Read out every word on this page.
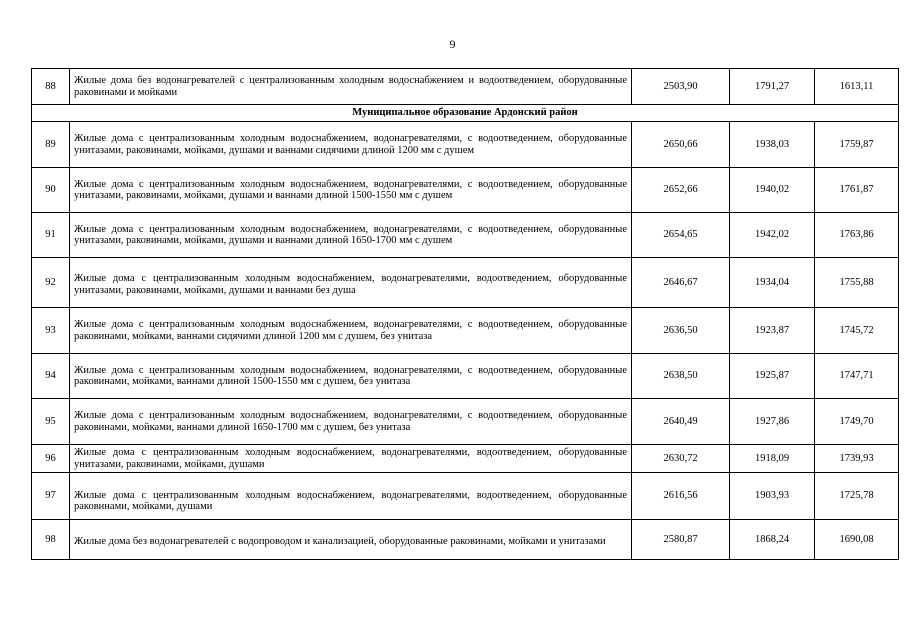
9
88	Жилые дома без водонагревателей с централизованным холодным водоснабжением и водоотведением, оборудованные раковинами и мойками	2503,90	1791,27	1613,11
Муниципальное образование Ардонский район				
89	Жилые дома с централизованным холодным водоснабжением, водонагревателями, с водоотведением, оборудованные унитазами, раковинами, мойками, душами и ваннами сидячими длиной 1200 мм с душем	2650,66	1938,03	1759,87
90	Жилые дома с централизованным холодным водоснабжением, водонагревателями, с водоотведением, оборудованные унитазами, раковинами, мойками, душами и ваннами длиной 1500-1550 мм с душем	2652,66	1940,02	1761,87
91	Жилые дома с централизованным холодным водоснабжением, водонагревателями, с водоотведением, оборудованные унитазами, раковинами, мойками, душами и ваннами длиной 1650-1700 мм с душем	2654,65	1942,02	1763,86
92	Жилые дома с централизованным холодным водоснабжением, водонагревателями, водоотведением, оборудованные унитазами, раковинами, мойками, душами и ваннами без душа	2646,67	1934,04	1755,88
93	Жилые дома с централизованным холодным водоснабжением, водонагревателями, с водоотведением, оборудованные раковинами, мойками, ваннами сидячими длиной 1200 мм с душем, без унитаза	2636,50	1923,87	1745,72
94	Жилые дома с централизованным холодным водоснабжением, водонагревателями, с водоотведением, оборудованные раковинами, мойками, ваннами длиной 1500-1550 мм с душем, без унитаза	2638,50	1925,87	1747,71
95	Жилые дома с централизованным холодным водоснабжением, водонагревателями, с водоотведением, оборудованные раковинами, мойками, ваннами длиной 1650-1700 мм с душем, без унитаза	2640,49	1927,86	1749,70
96	Жилые дома с централизованным холодным водоснабжением, водонагревателями, водоотведением, оборудованные унитазами, раковинами, мойками, душами	2630,72	1918,09	1739,93
97	Жилые дома с централизованным холодным водоснабжением, водонагревателями, водоотведением, оборудованные раковинами, мойками, душами	2616,56	1903,93	1725,78
98	Жилые дома без водонагревателей с водопроводом и канализацией, оборудованные раковинами, мойками и унитазами	2580,87	1868,24	1690,08
